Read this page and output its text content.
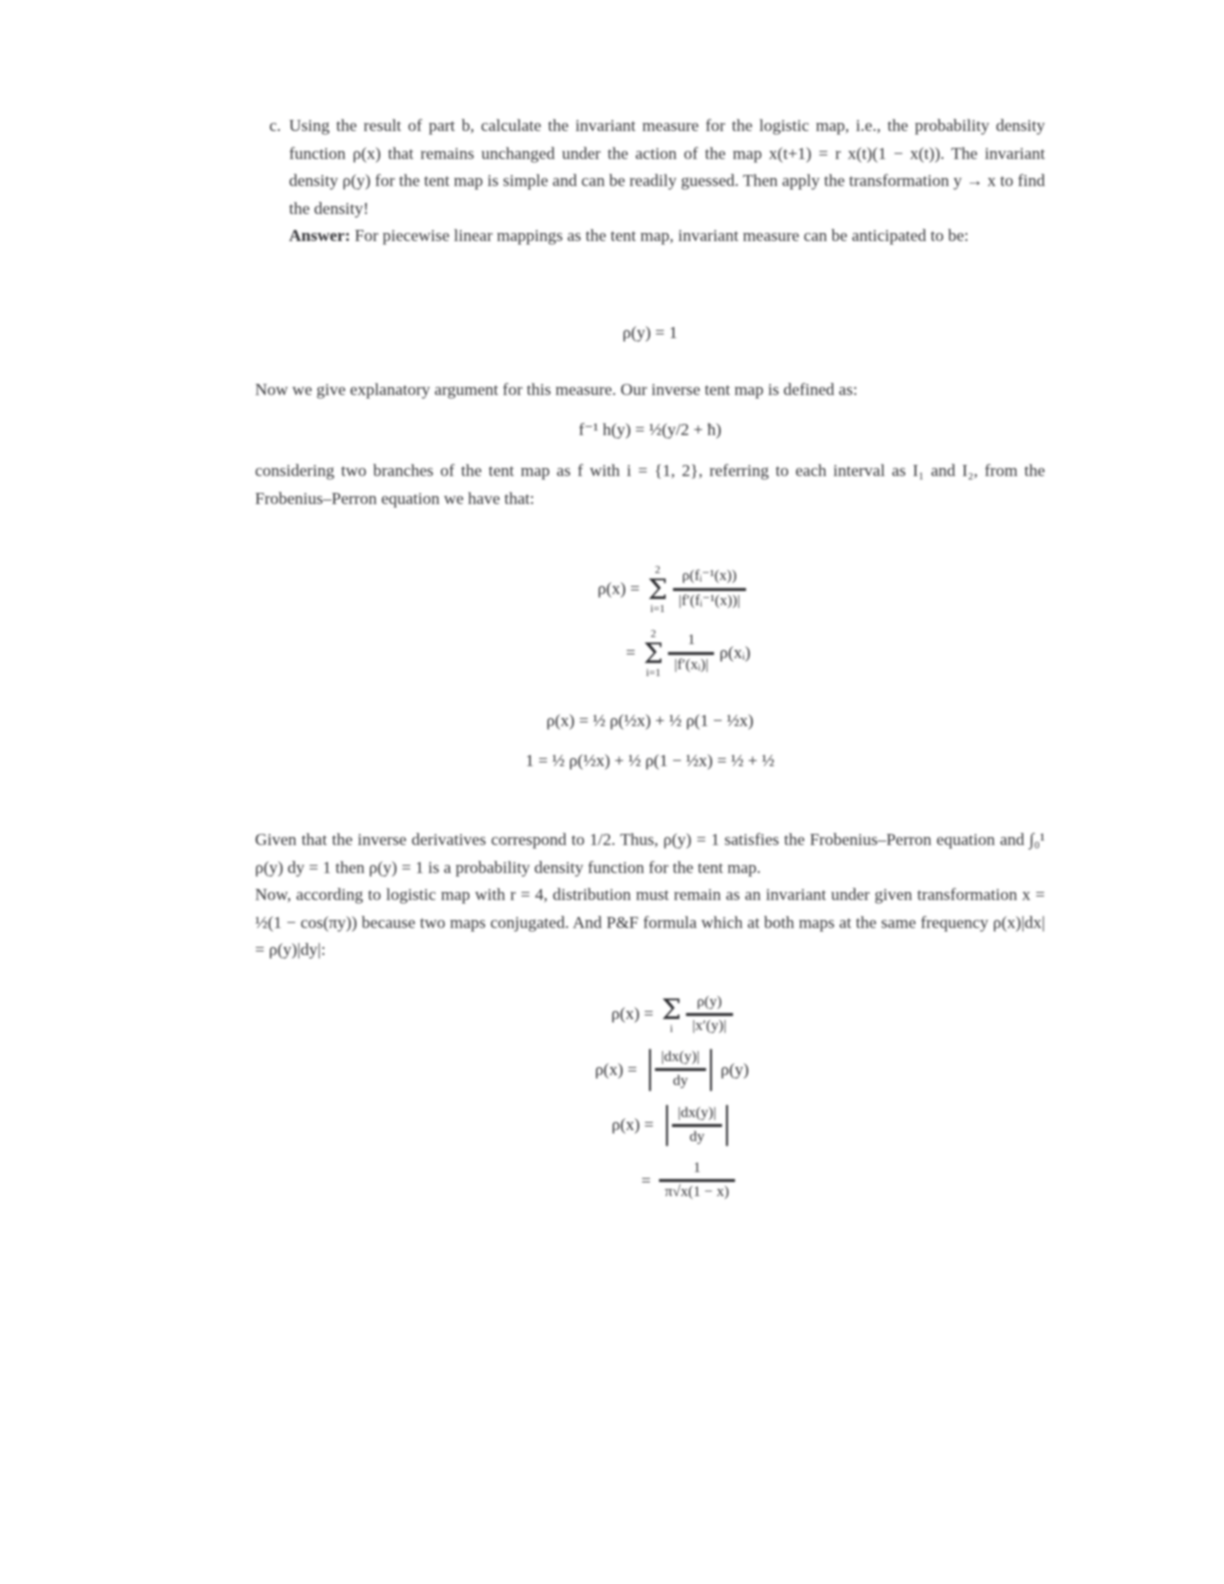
c. Using the result of part b, calculate the invariant measure for the logistic map, i.e., the probability density function ρ(x) that remains unchanged under the action of the map x(t+1) = r x(t)(1 − x(t)). The invariant density ρ(y) for the tent map is simple and can be readily guessed. Then apply the transformation y → x to find the density!

Answer: For piecewise linear mappings as the tent map, invariant measure can be anticipated to be:

ρ(y) = 1

Now we give explanatory argument for this measure. Our inverse tent map is defined as:

f⁻¹ h(y) = ½(y/2 + ħ)

considering two branches of the tent map as f with i = {1, 2}, referring to each interval as I₁ and I₂, from the Frobenius–Perron equation we have that:

ρ(x) =
2
Σ
$i=1 \frac{\text{ρ(fᵢ⁻¹(x))}}{\text{|f′(fᵢ⁻¹(x))|}}$
=
2
Σ
$i=1 \frac{1}{\text{|f′(xᵢ)|}}$ ρ(xᵢ)

ρ(x) = ½ ρ(½x) + ½ ρ(1 − ½x)

1 = ½ ρ(½x) + ½ ρ(1 − ½x) = ½ + ½

Given that the inverse derivatives correspond to 1/2. Thus, ρ(y) = 1 satisfies the Frobenius–Perron equation and ∫₀¹ ρ(y) dy = 1 then ρ(y) = 1 is a probability density function for the tent map.

Now, according to logistic map with r = 4, distribution must remain as an invariant under given transformation x = ½(1 − cos(πy)) because two maps conjugated. And P&F formula which at both maps at the same frequency ρ(x)|dx| = ρ(y)|dy|:

ρ(x) = Σ
i $\frac{\rho(y)}{|x'(y)|}$
ρ(x) =	$\frac{|dx(y)|}{dy} \rho(y)$
ρ(x) =	$\frac{|dx(y)|}{dy}$
= $\frac{1}{\pi√x(1 - x)}$
